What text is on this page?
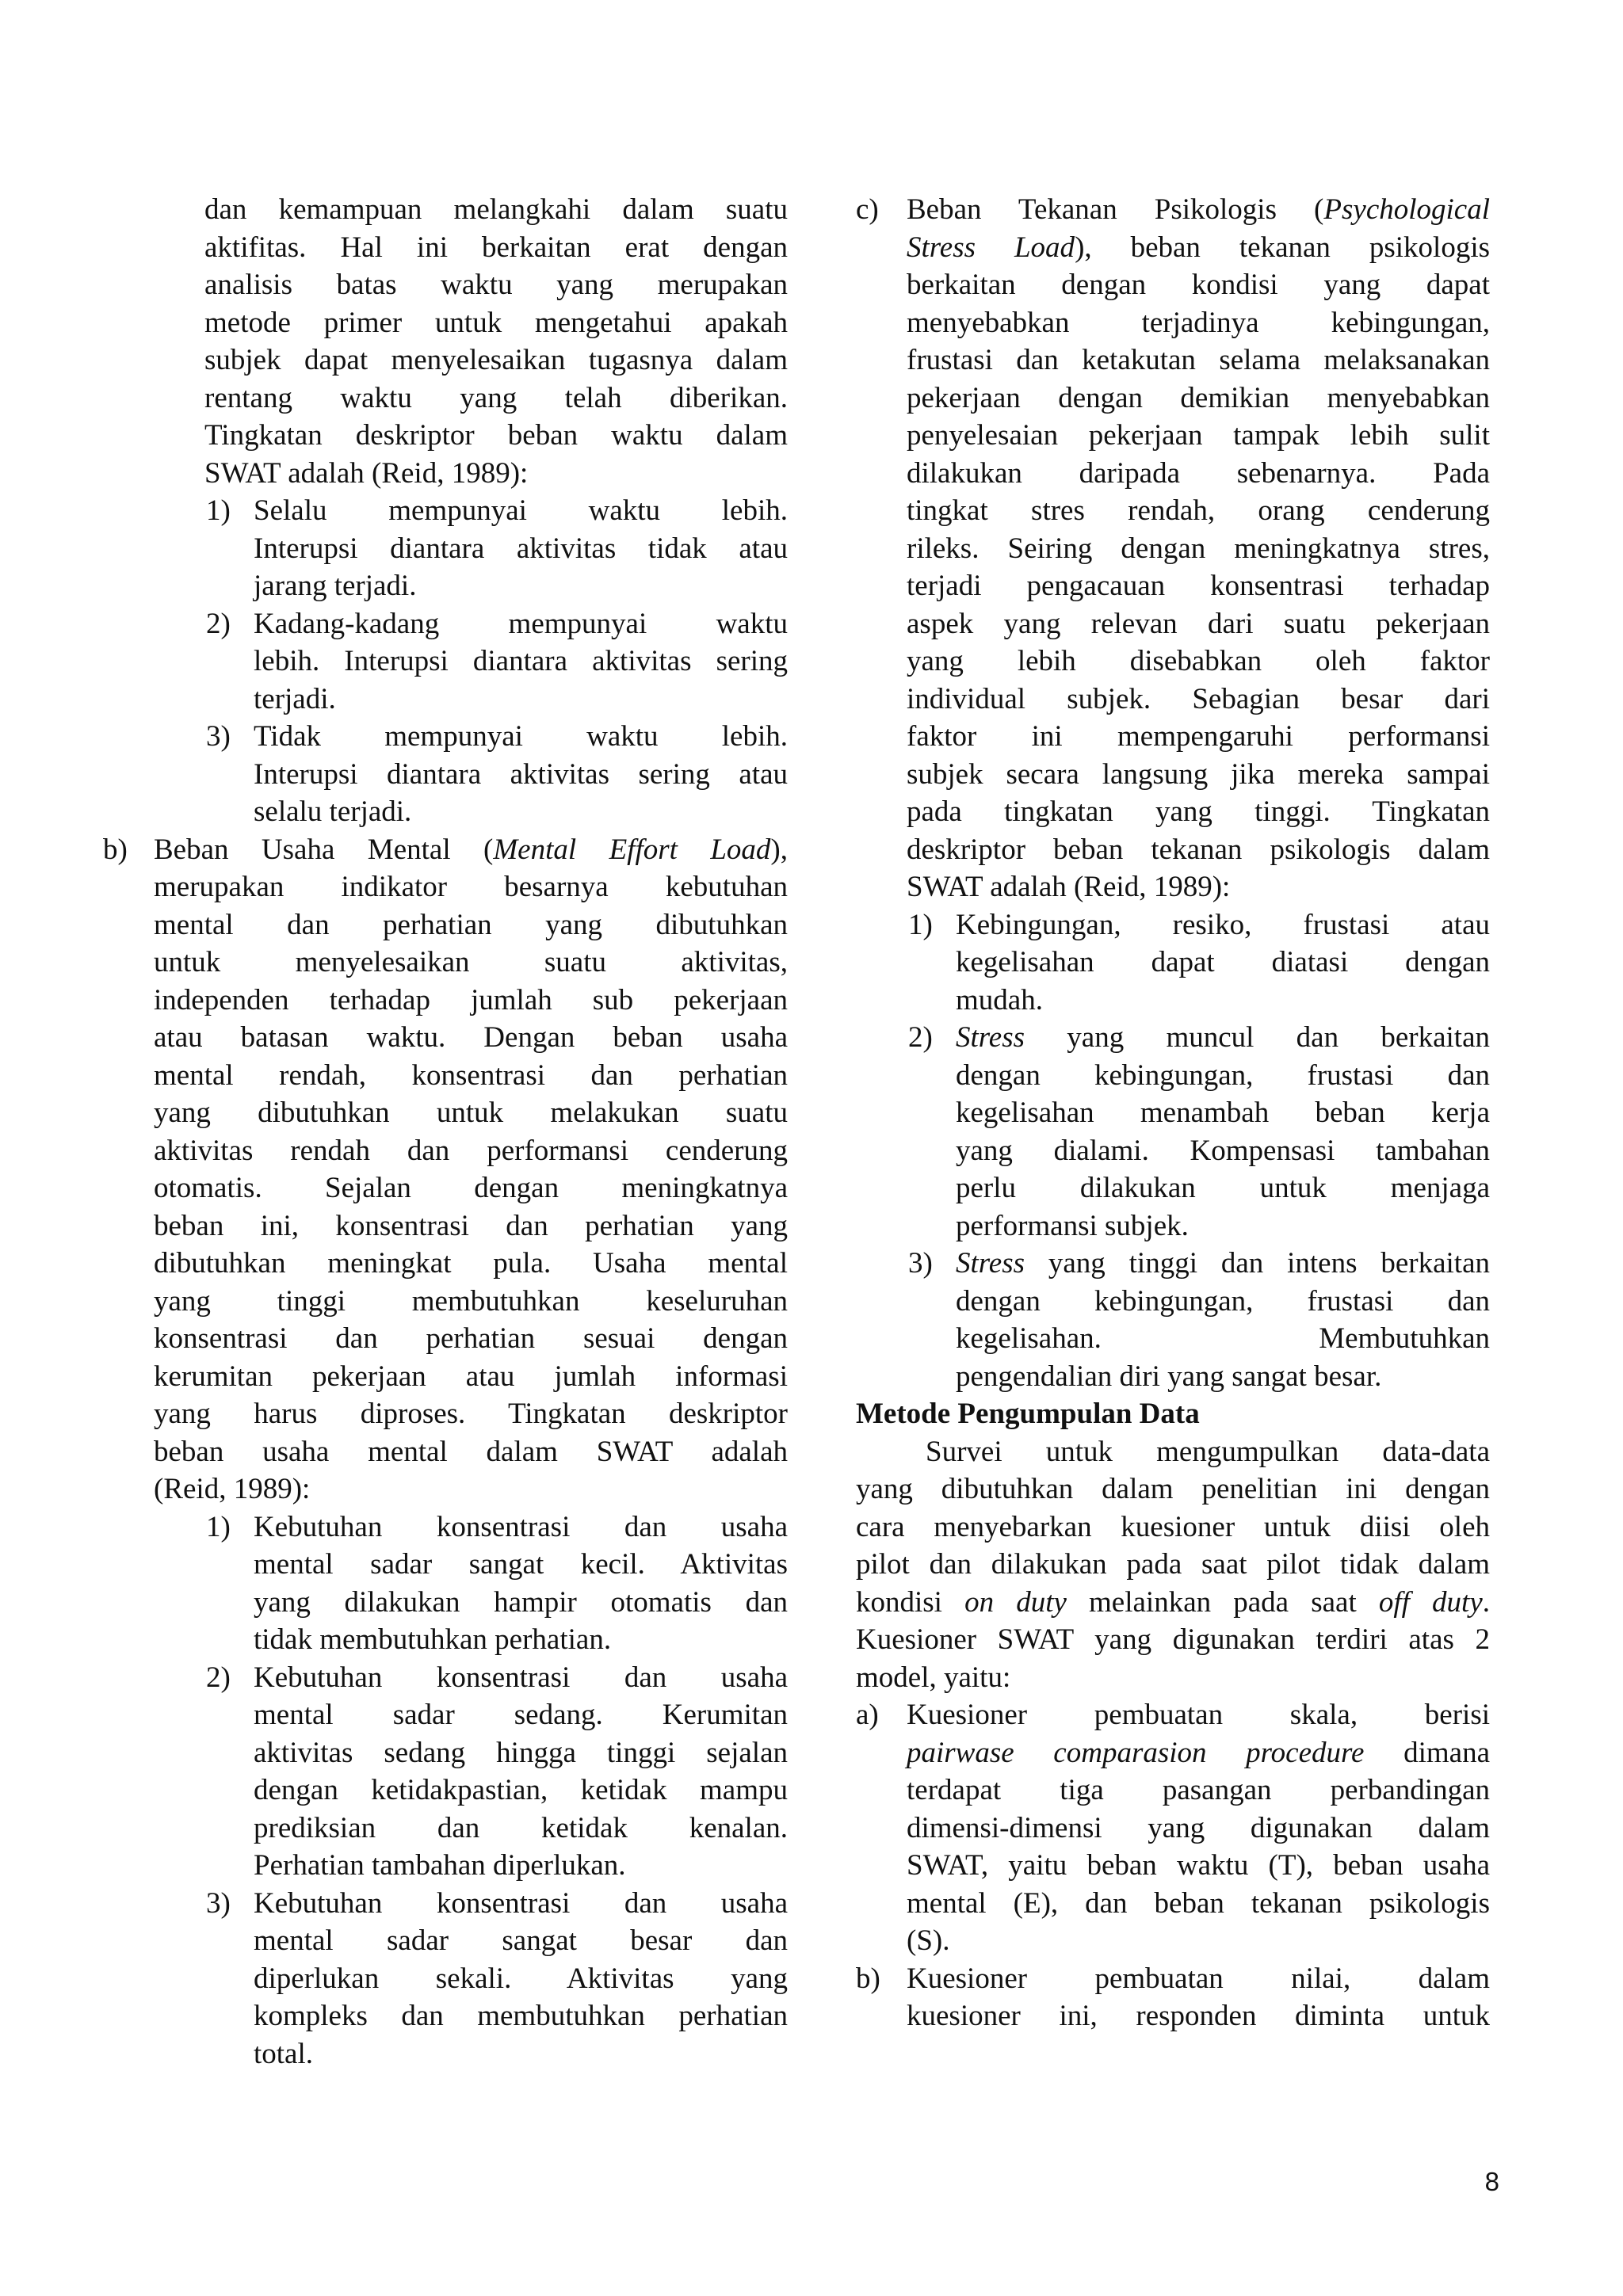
dan kemampuan melangkahi dalam suatu
aktifitas. Hal ini berkaitan erat dengan
analisis batas waktu yang merupakan
metode primer untuk mengetahui apakah
subjek dapat menyelesaikan tugasnya dalam
rentang waktu yang telah diberikan.
Tingkatan deskriptor beban waktu dalam
SWAT adalah (Reid, 1989):
1) Selalu mempunyai waktu lebih.
Interupsi diantara aktivitas tidak atau
jarang terjadi.
2) Kadang-kadang mempunyai waktu
lebih. Interupsi diantara aktivitas sering
terjadi.
3) Tidak mempunyai waktu lebih.
Interupsi diantara aktivitas sering atau
selalu terjadi.
b) Beban Usaha Mental (Mental Effort Load),
merupakan indikator besarnya kebutuhan
mental dan perhatian yang dibutuhkan
untuk menyelesaikan suatu aktivitas,
independen terhadap jumlah sub pekerjaan
atau batasan waktu. Dengan beban usaha
mental rendah, konsentrasi dan perhatian
yang dibutuhkan untuk melakukan suatu
aktivitas rendah dan performansi cenderung
otomatis. Sejalan dengan meningkatnya
beban ini, konsentrasi dan perhatian yang
dibutuhkan meningkat pula. Usaha mental
yang tinggi membutuhkan keseluruhan
konsentrasi dan perhatian sesuai dengan
kerumitan pekerjaan atau jumlah informasi
yang harus diproses. Tingkatan deskriptor
beban usaha mental dalam SWAT adalah
(Reid, 1989):
1) Kebutuhan konsentrasi dan usaha
mental sadar sangat kecil. Aktivitas
yang dilakukan hampir otomatis dan
tidak membutuhkan perhatian.
2) Kebutuhan konsentrasi dan usaha
mental sadar sedang. Kerumitan
aktivitas sedang hingga tinggi sejalan
dengan ketidakpastian, ketidak mampu
prediksian dan ketidak kenalan.
Perhatian tambahan diperlukan.
3) Kebutuhan konsentrasi dan usaha
mental sadar sangat besar dan
diperlukan sekali. Aktivitas yang
kompleks dan membutuhkan perhatian
total.
c) Beban Tekanan Psikologis (Psychological
Stress Load), beban tekanan psikologis
berkaitan dengan kondisi yang dapat
menyebabkan terjadinya kebingungan,
frustasi dan ketakutan selama melaksanakan
pekerjaan dengan demikian menyebabkan
penyelesaian pekerjaan tampak lebih sulit
dilakukan daripada sebenarnya. Pada
tingkat stres rendah, orang cenderung
rileks. Seiring dengan meningkatnya stres,
terjadi pengacauan konsentrasi terhadap
aspek yang relevan dari suatu pekerjaan
yang lebih disebabkan oleh faktor
individual subjek. Sebagian besar dari
faktor ini mempengaruhi performansi
subjek secara langsung jika mereka sampai
pada tingkatan yang tinggi. Tingkatan
deskriptor beban tekanan psikologis dalam
SWAT adalah (Reid, 1989):
1) Kebingungan, resiko, frustasi atau
kegelisahan dapat diatasi dengan
mudah.
2) Stress yang muncul dan berkaitan
dengan kebingungan, frustasi dan
kegelisahan menambah beban kerja
yang dialami. Kompensasi tambahan
perlu dilakukan untuk menjaga
performansi subjek.
3) Stress yang tinggi dan intens berkaitan
dengan kebingungan, frustasi dan
kegelisahan. Membutuhkan
pengendalian diri yang sangat besar.
Metode Pengumpulan Data
Survei untuk mengumpulkan data-data
yang dibutuhkan dalam penelitian ini dengan
cara menyebarkan kuesioner untuk diisi oleh
pilot dan dilakukan pada saat pilot tidak dalam
kondisi on duty melainkan pada saat off duty.
Kuesioner SWAT yang digunakan terdiri atas 2
model, yaitu:
a) Kuesioner pembuatan skala, berisi
pairwase comparasion procedure dimana
terdapat tiga pasangan perbandingan
dimensi-dimensi yang digunakan dalam
SWAT, yaitu beban waktu (T), beban usaha
mental (E), dan beban tekanan psikologis
(S).
b) Kuesioner pembuatan nilai, dalam
kuesioner ini, responden diminta untuk
8
